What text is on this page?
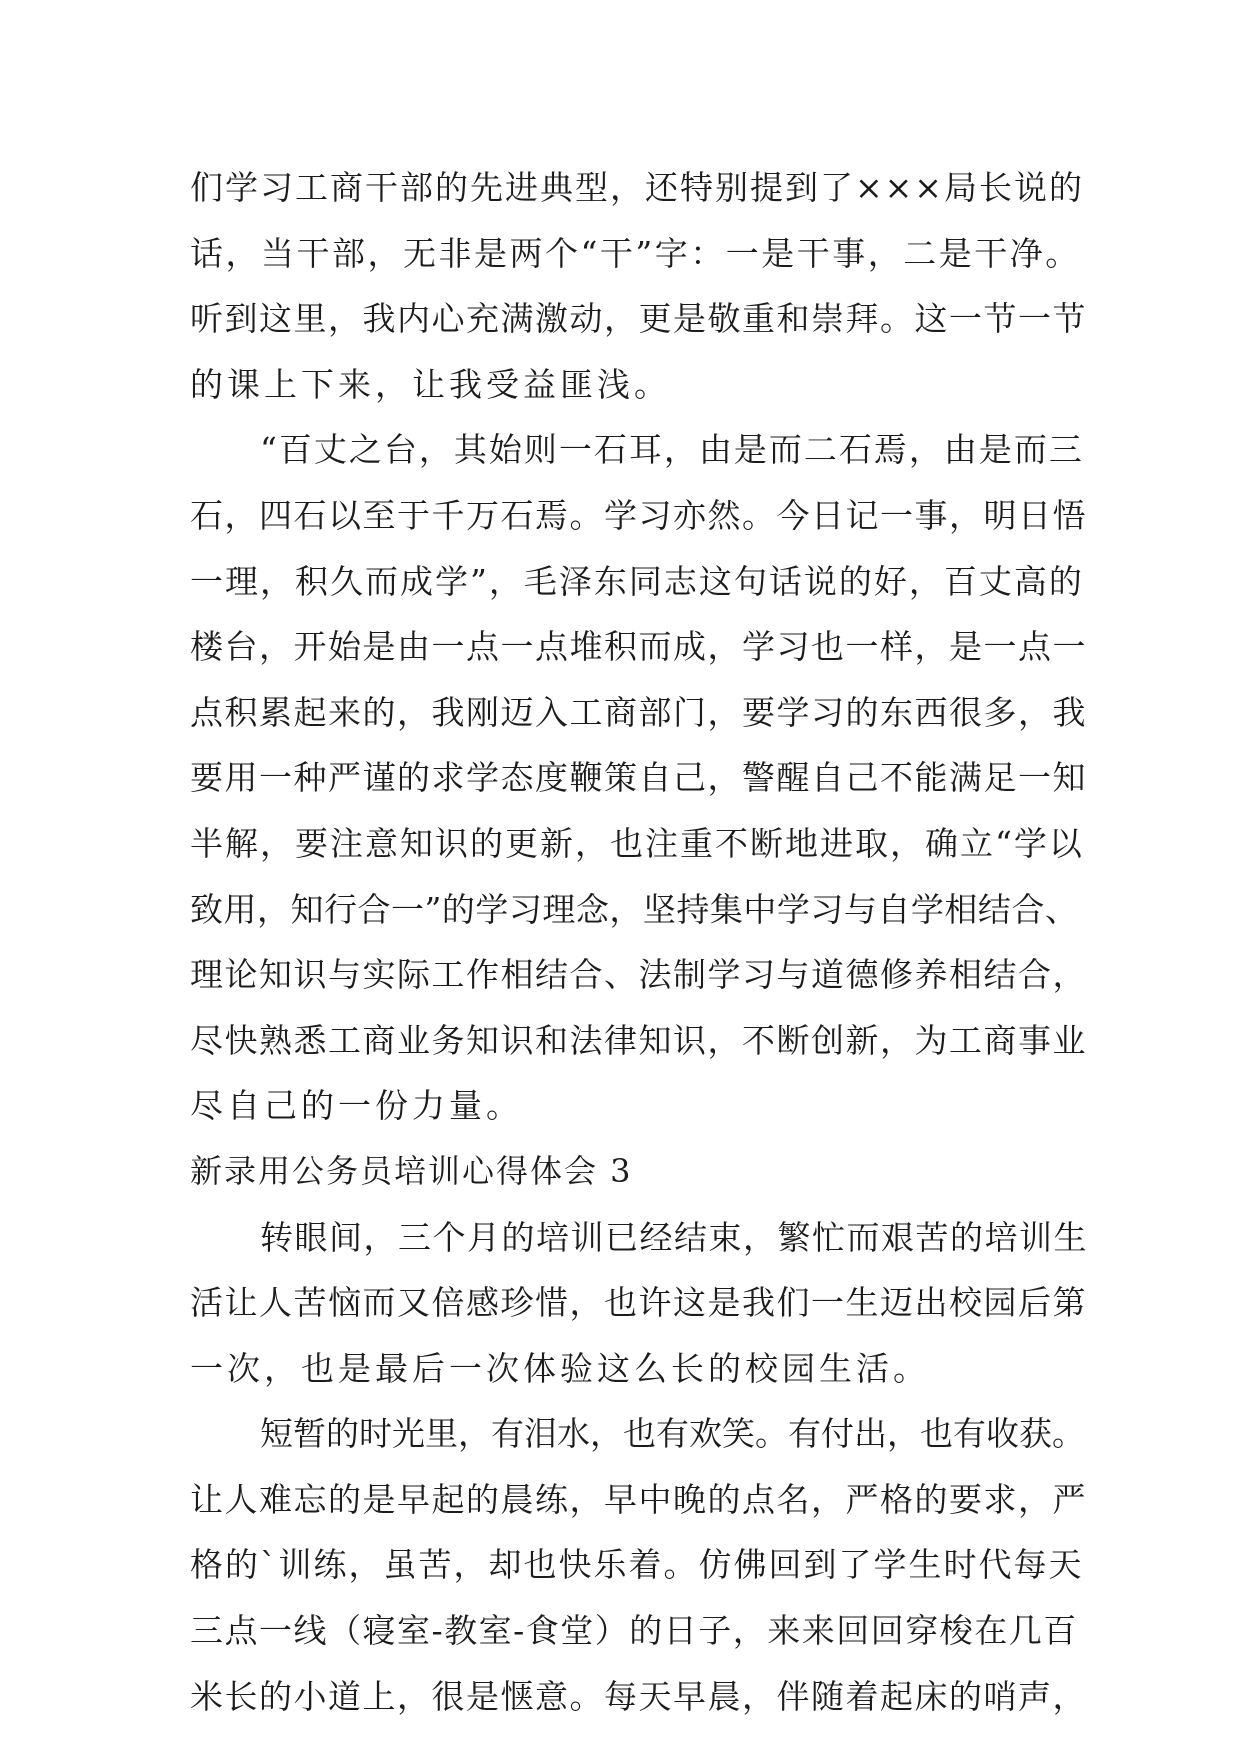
们学习工商干部的先进典型，还特别提到了×××局长说的
话，当干部，无非是两个“干”字：一是干事，二是干净。
听到这里，我内心充满激动，更是敬重和崇拜。这一节一节
的课上下来，让我受益匪浅。
“百丈之台，其始则一石耳，由是而二石焉，由是而三
石，四石以至于千万石焉。学习亦然。今日记一事，明日悟
一理，积久而成学”，毛泽东同志这句话说的好，百丈高的
楼台，开始是由一点一点堆积而成，学习也一样，是一点一
点积累起来的，我刚迈入工商部门，要学习的东西很多，我
要用一种严谨的求学态度鞭策自己，警醒自己不能满足一知
半解，要注意知识的更新，也注重不断地进取，确立“学以
致用，知行合一”的学习理念，坚持集中学习与自学相结合、
理论知识与实际工作相结合、法制学习与道德修养相结合，
尽快熟悉工商业务知识和法律知识，不断创新，为工商事业
尽自己的一份力量。
新录用公务员培训心得体会 3
转眼间，三个月的培训已经结束，繁忙而艰苦的培训生
活让人苦恼而又倍感珍惜，也许这是我们一生迈出校园后第
一次，也是最后一次体验这么长的校园生活。
短暂的时光里，有泪水，也有欢笑。有付出，也有收获。
让人难忘的是早起的晨练，早中晚的点名，严格的要求，严
格的`训练，虽苦，却也快乐着。仿佛回到了学生时代每天
三点一线（寝室-教室-食堂）的日子，来来回回穿梭在几百
米长的小道上，很是惬意。每天早晨，伴随着起床的哨声，
